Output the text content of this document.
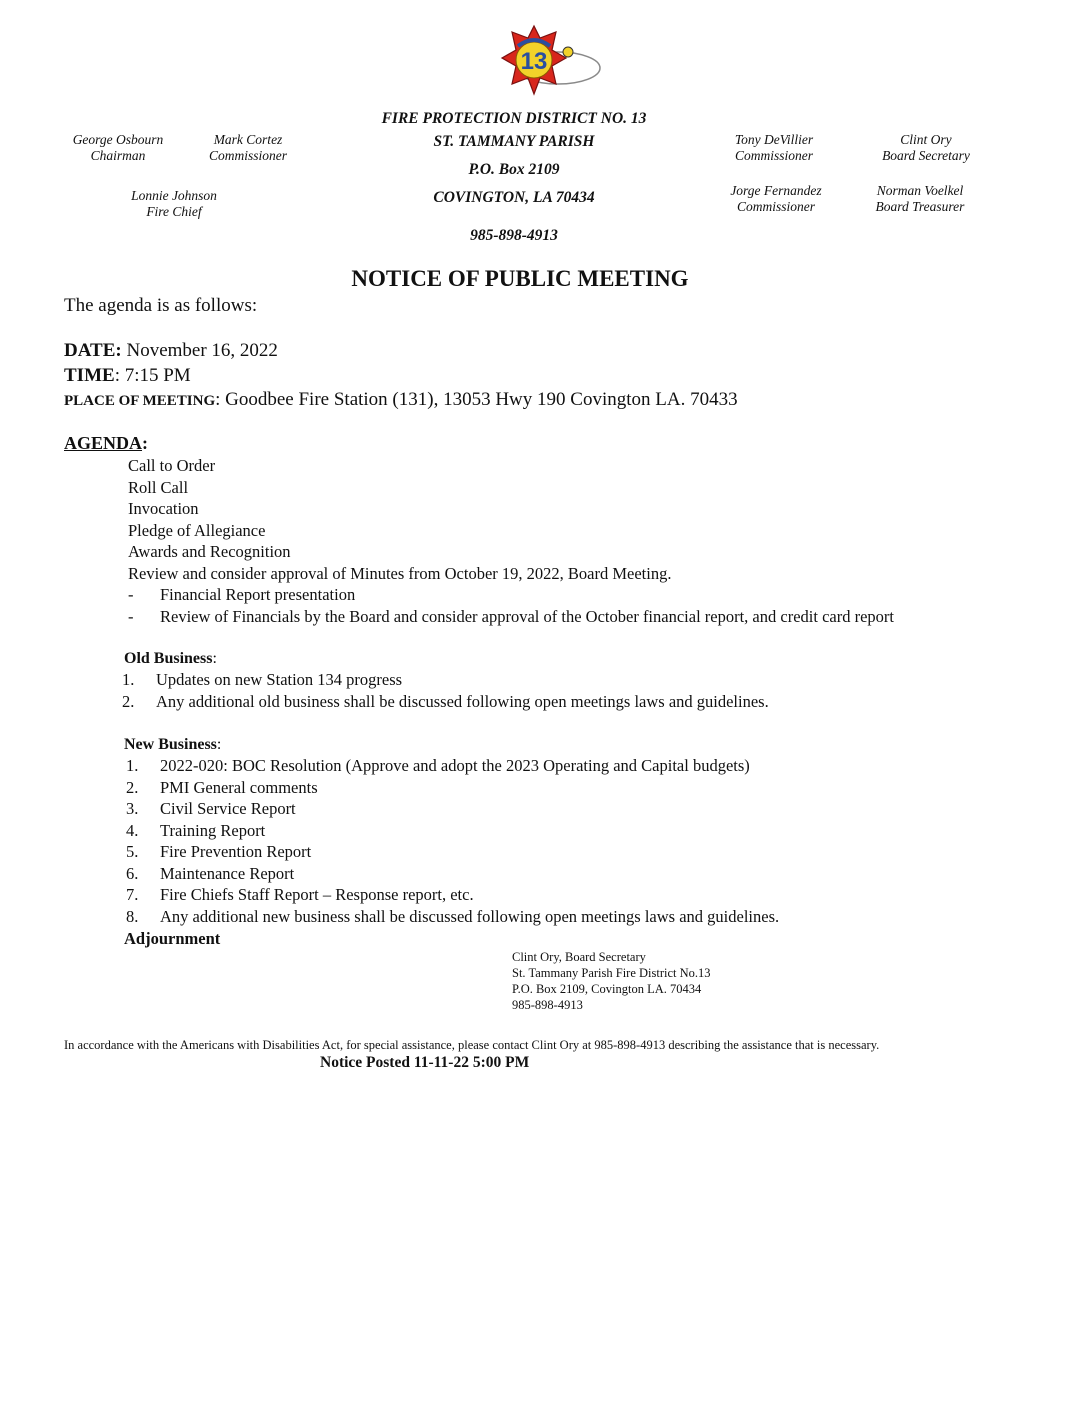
13
George Osbourn
Chairman
Mark Cortez
Commissioner
Lonnie Johnson
Fire Chief
Tony DeVillier
Commissioner
Clint Ory
Board Secretary
Jorge Fernandez
Commissioner
Norman Voelkel
Board Treasurer
FIRE PROTECTION DISTRICT NO. 13
ST. TAMMANY PARISH
P.O. Box 2109
COVINGTON, LA 70434
985-898-4913
NOTICE OF PUBLIC MEETING
The agenda is as follows:
DATE: November 16, 2022
TIME: 7:15 PM
PLACE OF MEETING: Goodbee Fire Station (131), 13053 Hwy 190 Covington LA. 70433
AGENDA:
Call to Order
Roll Call
Invocation
Pledge of Allegiance
Awards and Recognition
Review and consider approval of Minutes from October 19, 2022, Board Meeting.
- Financial Report presentation
- Review of Financials by the Board and consider approval of the October financial report, and credit card report
Old Business:
1. Updates on new Station 134 progress
2. Any additional old business shall be discussed following open meetings laws and guidelines.
New Business:
1. 2022-020: BOC Resolution (Approve and adopt the 2023 Operating and Capital budgets)
2. PMI General comments
3. Civil Service Report
4. Training Report
5. Fire Prevention Report
6. Maintenance Report
7. Fire Chiefs Staff Report – Response report, etc.
8. Any additional new business shall be discussed following open meetings laws and guidelines.
Adjournment
Clint Ory, Board Secretary
St. Tammany Parish Fire District No.13
P.O. Box 2109, Covington LA. 70434
985-898-4913
In accordance with the Americans with Disabilities Act, for special assistance, please contact Clint Ory at 985-898-4913 describing the assistance that is necessary.
Notice Posted 11-11-22 5:00 PM
